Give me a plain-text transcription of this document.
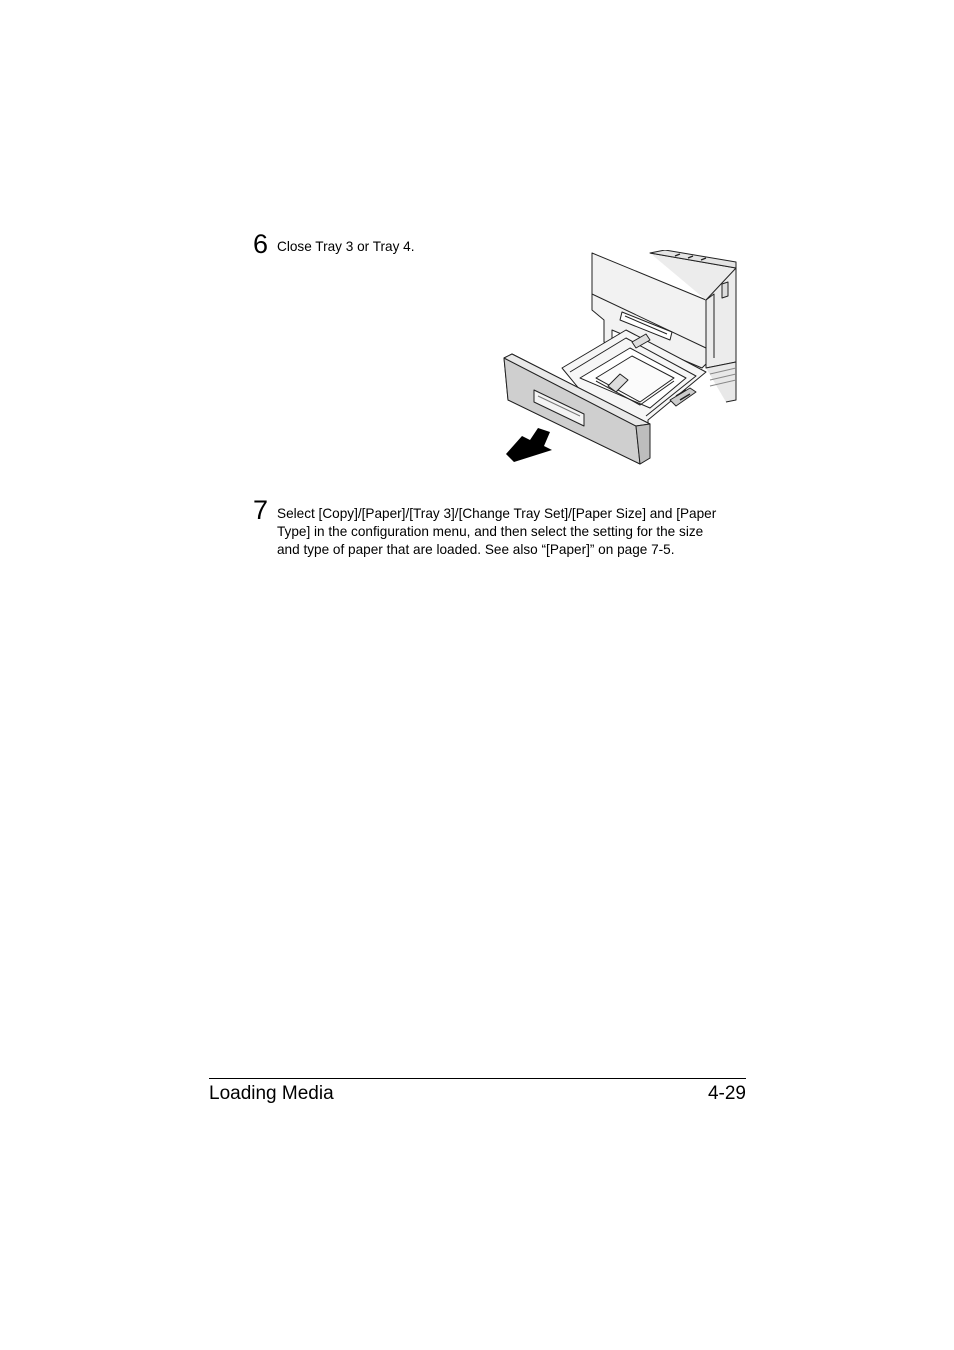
6 Close Tray 3 or Tray 4.
7 Select [Copy]/[Paper]/[Tray 3]/[Change Tray Set]/[Paper Size] and [Paper
Type] in the configuration menu, and then select the setting for the size
and type of paper that are loaded. See also “[Paper]” on page 7-5.
Loading Media	4-29
